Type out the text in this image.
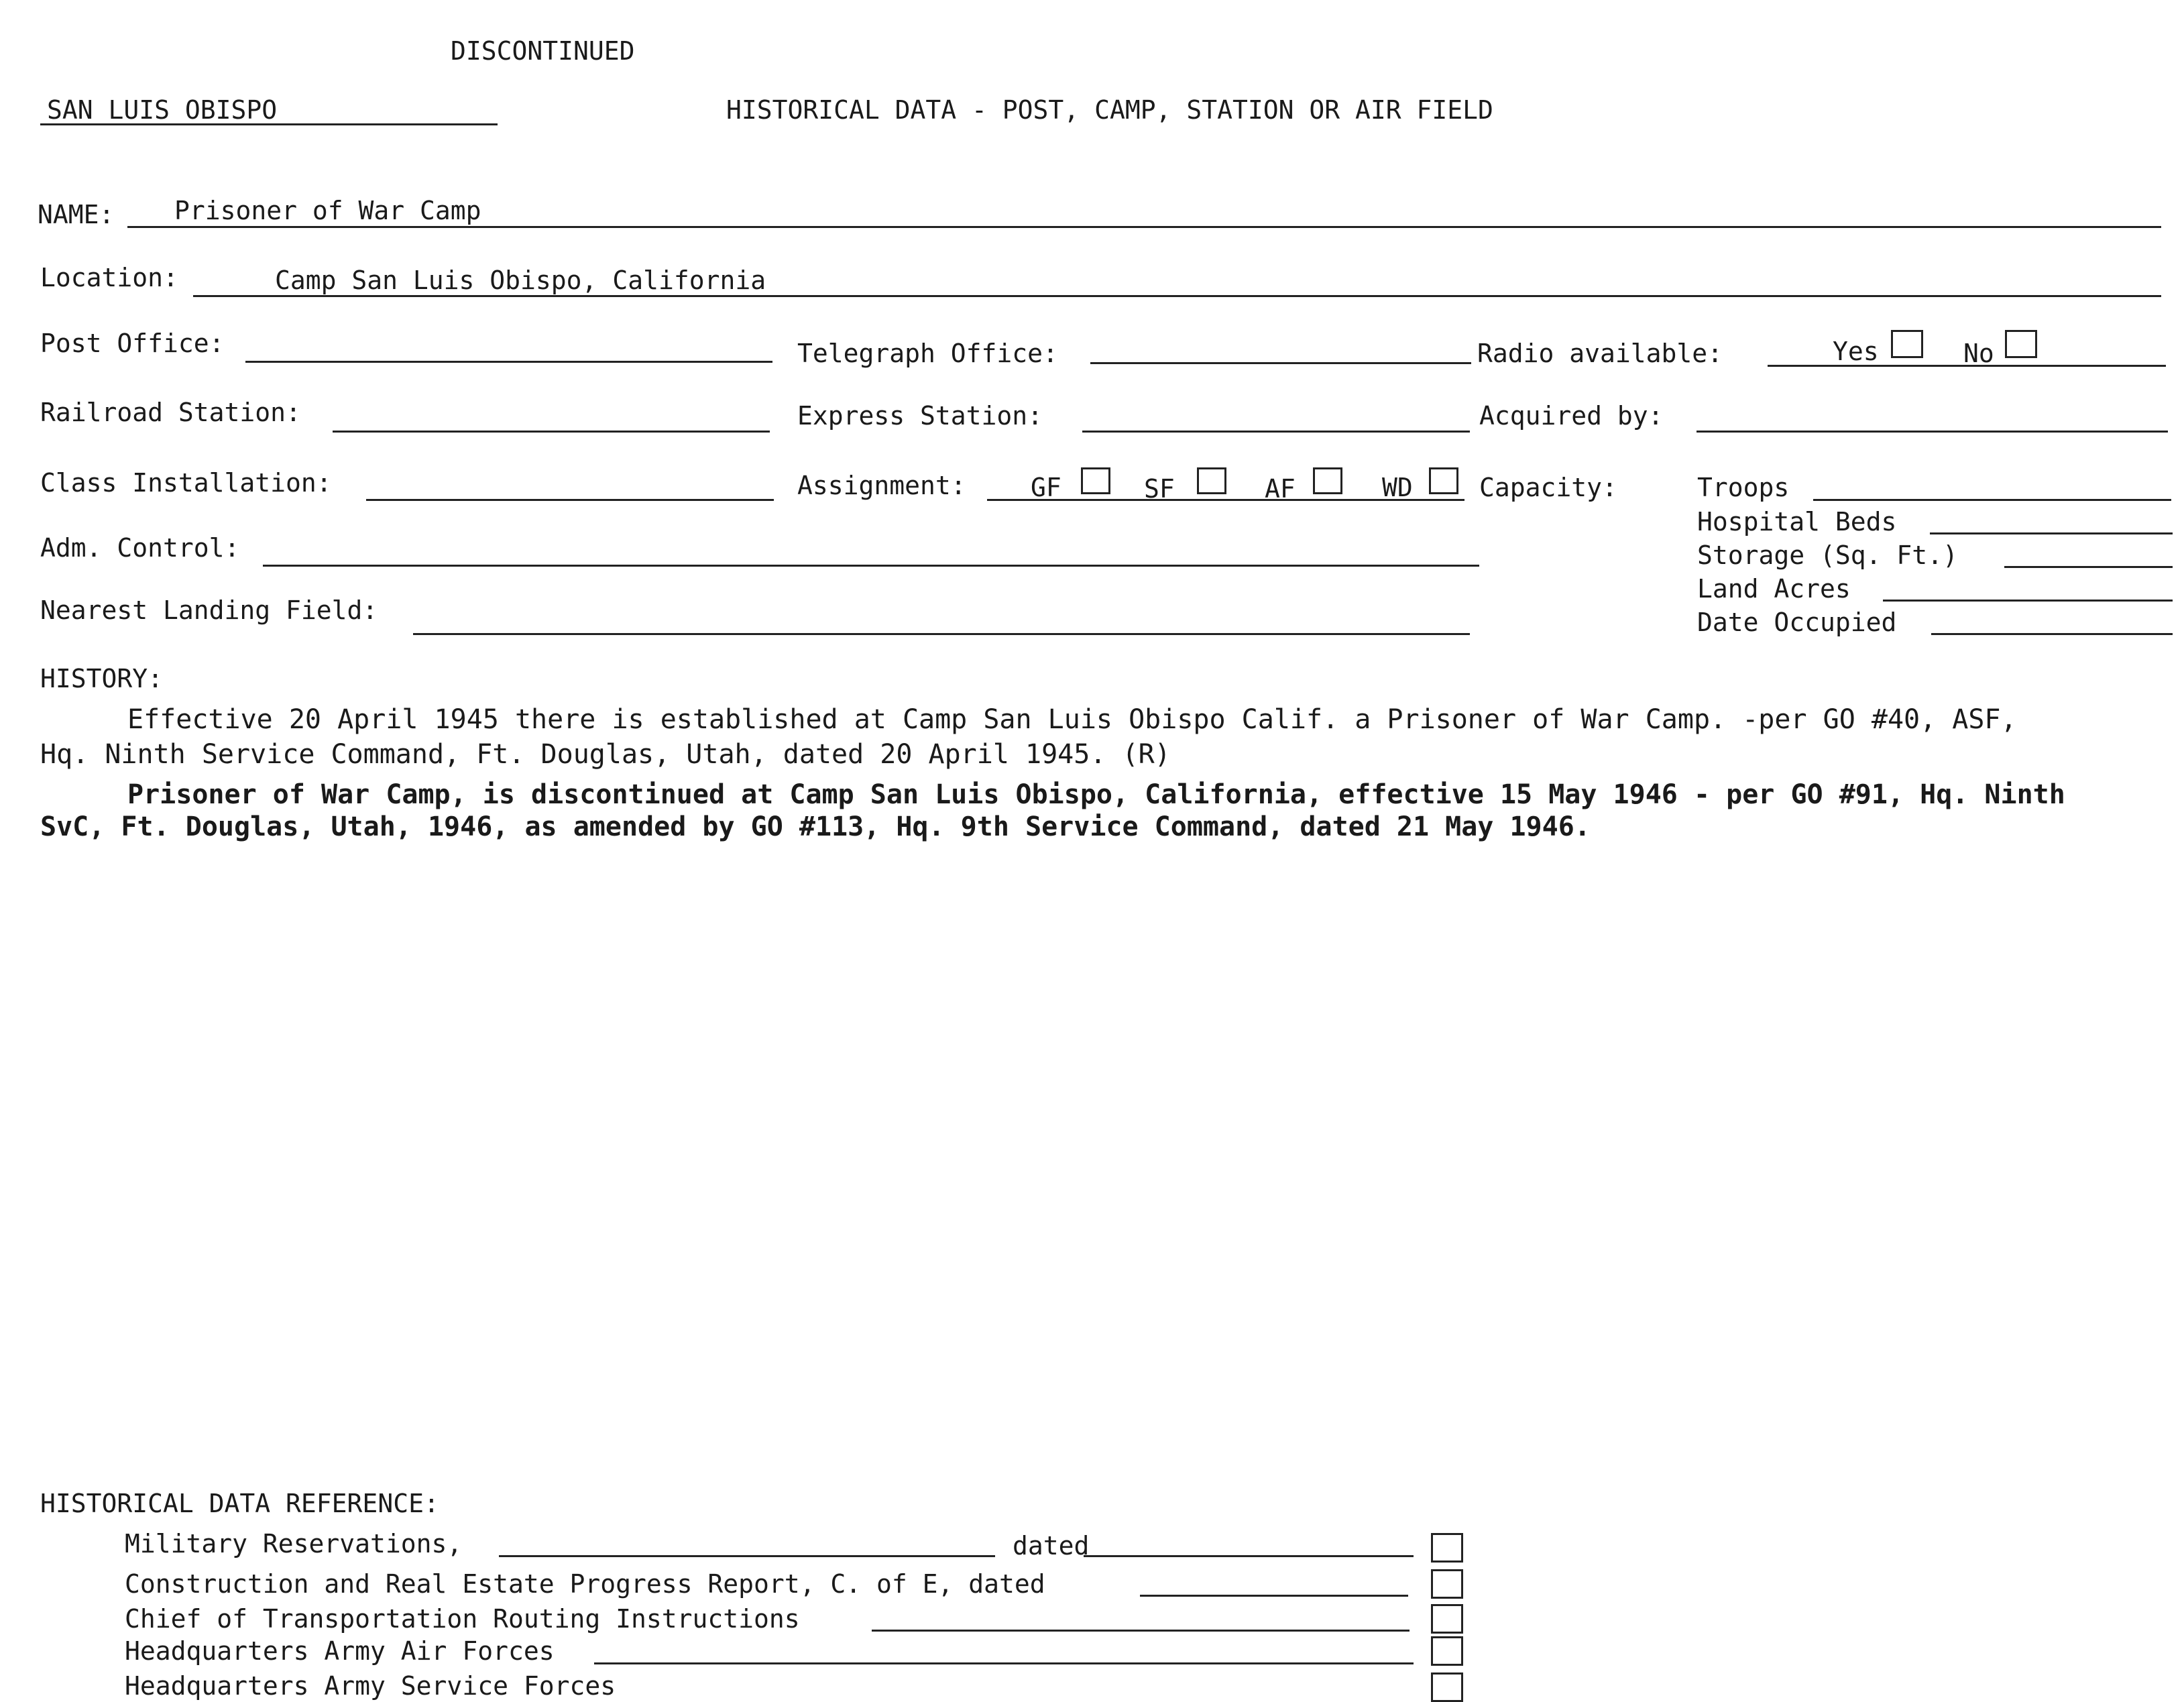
DISCONTINUED
SAN LUIS OBISPO	HISTORICAL DATA - POST, CAMP, STATION OR AIR FIELD
NAME: Prisoner of War Camp
Location:	Camp San Luis Obispo, California
Post Office:	Telegraph Office:	Radio available:	Yes	No
Railroad Station:	Express Station:	Acquired by:
Class Installation:	Assignment:	GF	SF	AF	WD	Capacity:	Troops
Hospital Beds
Storage (Sq. Ft.)
Land Acres
Date Occupied
Adm. Control:
Nearest Landing Field:
HISTORY:
Effective 20 April 1945 there is established at Camp San Luis Obispo Calif. a Prisoner of War Camp. -per GO #40, ASF,
Hq. Ninth Service Command, Ft. Douglas, Utah, dated 20 April 1945. (R)
Prisoner of War Camp, is discontinued at Camp San Luis Obispo, California, effective 15 May 1946 - per GO #91, Hq. Ninth
SvC, Ft. Douglas, Utah, 1946, as amended by GO #113, Hq. 9th Service Command, dated 21 May 1946.
HISTORICAL DATA REFERENCE:
Military Reservations,	dated
Construction and Real Estate Progress Report, C. of E, dated
Chief of Transportation Routing Instructions
Headquarters Army Air Forces
Headquarters Army Service Forces
